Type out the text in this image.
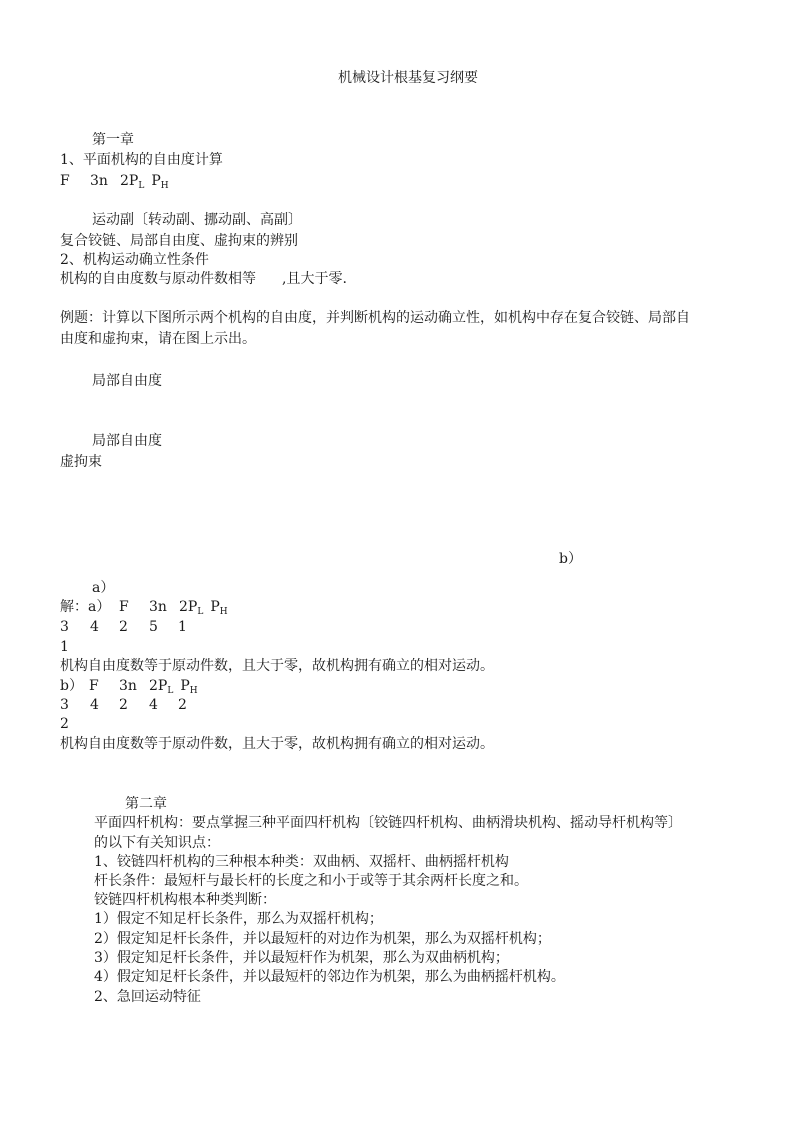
机械设计根基复习纲要
第一章
1、平面机构的自由度计算
F 3n 2PL PH
运动副〔转动副、挪动副、高副〕
复合铰链、局部自由度、虚拘束的辨别
2、机构运动确立性条件
机构的自由度数与原动件数相等 ,且大于零.
例题：计算以下图所示两个机构的自由度，并判断机构的运动确立性，如机构中存在复合铰链、局部自
由度和虚拘束，请在图上示出。
局部自由度
局部自由度
虚拘束
b）
a）
解：a） F 3n 2PL PH
3 4 2 5 1
1
机构自由度数等于原动件数，且大于零，故机构拥有确立的相对运动。
b） F 3n 2PL PH
3 4 2 4 2
2
机构自由度数等于原动件数，且大于零，故机构拥有确立的相对运动。
第二章
平面四杆机构：要点掌握三种平面四杆机构〔铰链四杆机构、曲柄滑块机构、摇动导杆机构等〕
的以下有关知识点：
1、铰链四杆机构的三种根本种类：双曲柄、双摇杆、曲柄摇杆机构
杆长条件：最短杆与最长杆的长度之和小于或等于其余两杆长度之和。
铰链四杆机构根本种类判断：
1）假定不知足杆长条件，那么为双摇杆机构；
2）假定知足杆长条件，并以最短杆的对边作为机架，那么为双摇杆机构；
3）假定知足杆长条件，并以最短杆作为机架，那么为双曲柄机构；
4）假定知足杆长条件，并以最短杆的邻边作为机架，那么为曲柄摇杆机构。
2、急回运动特征
